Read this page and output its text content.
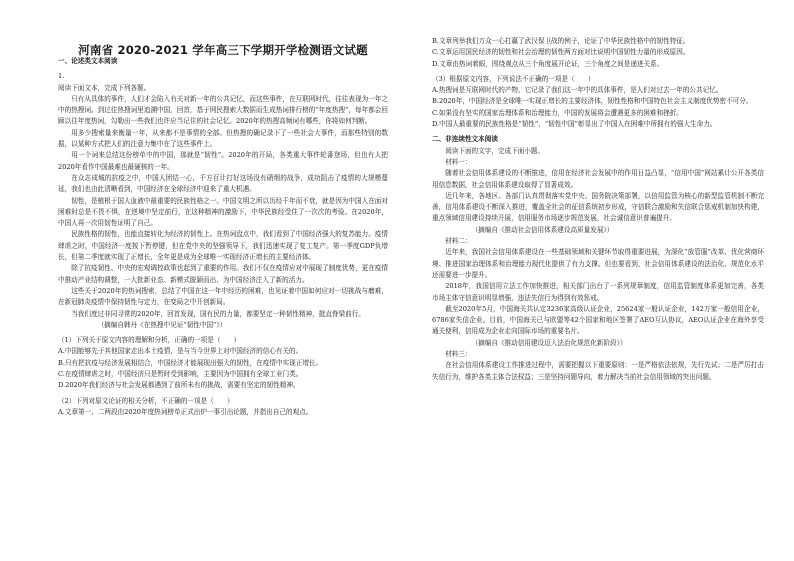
河南省 2020-2021 学年高三下学期开学检测语文试题

一、论述类文本阅读

1.

阅读下面文本，完成下列各题。

只有从具体的事件，人们才会陷入有关对新一年的公共记忆，而这些事件，在互联网时代，往往表现为一年之中的热搜词。到过往热搜词里追溯中国，回首，基于网民搜索大数据而生成热词排行榜的“年度热搜”，每年都会回顾以往年度热词，勾勒出一些我们也许应当记住的社会记忆。2020年的热搜高频词有哪些，你将如何判断。

用多少搜索量来衡量一年，从来都不是事情的全部。但热搜的确记录下了一些社会大事件，而那些特别的数据，以某种方式把人们的注意力集中在了这些事件上。

用一个词来总结这份榜单中的中国，那就是“韧性”。2020年的开局，各类重大事件轮番登场，但也有人把2020年看作中国最难也最硬核的一年。

在众志成城的抗疫之中，中国人团结一心，千方百计打好这场没有硝烟的战争，成功阻击了疫情的大规模蔓延，我们也由此清晰看到，中国经济在全球经济中迎来了重大机遇。

韧性，是植根于国人血液中最重要的民族性格之一。中国文明之所以历经千年而不衰，就是因为中国人在面对困难时总是不畏不惧，在逆境中坚定前行，在这种精神的激励下，中华民族经受住了一次次的考验。在2020年，中国人再一次用韧性证明了自己。

民族性格的韧性，也能直接转化为经济的韧性上。在热词盘点中，我们看到了中国经济强大的复苏能力。疫情肆虐之时，中国经济一度按下暂停键，但在党中央的坚强领导下，我们迅速实现了复工复产。第一季度GDP负增长，但第二季度就实现了正增长，全年更是成为全球唯一实现经济正增长的主要经济体。

除了抗疫韧性、中央的宏观调控政策也起到了重要的作用。我们不仅在疫情应对中展现了制度优势，更在疫情中推动产业结构调整，一大批新业态、新模式脱颖而出，为中国经济注入了新的活力。

这些关于2020年的热词搜索，总结了中国在这一年中经历的困难，也见证着中国如何应对一切挑战与磨难，在新冠肺炎疫情中保持韧性与定力，在变局之中开创新局。

当我们度过非同寻常的2020年，回首发现，国有民的力量，都要坚定一种韧性精神，挺直脊梁前行。

（摘编自韩丹《在热搜中见证“韧性中国”》）

（1）下列关于原文内容的理解和分析，正确的一项是（　　）

A.中国能够先于其他国家走出本土疫情，是与当今世界上对中国经济的信心有关的。

B.只有把抗疫与经济发展相结合，中国经济才能展现出强大的韧性，在疫情中实现正增长。

C.在疫情肆虐之时，中国经济只是暂时受到影响，主要因为中国拥有全球工业门类。

D.2020年我们经济与社会发展都遇到了前所未有的挑战，需要有坚定的韧性精神。

（2）下列对原文论证的相关分析，不正确的一项是（　　）

A.文章第一、二两段由2020年度热词榜单正式出炉一事引出论题，并指出自己的观点。

B.文章列举我们万众一心打赢了武汉保卫战的例子，论证了中华民族性格中的韧性特征。

C.文章运用国民经济的韧性和社会治理的韧性两方面对比说明中国韧性力量的形成原因。

D.文章由热词着眼，围绕观点从三个角度展开论证，三个角度之间是递进关系。

（3）根据原文内容，下列说法不正确的一项是（　　）

A.热搜词是互联网时代的产物，它记录了我们这一年中的具体事件，是人们对过去一年的公共记忆。

B.2020年，中国经济是全球唯一实现正增长的主要经济体，韧性性格和中国特色社会主义制度优势密不可分。

C.如果没有坚实的国家治理体系和治理能力，中国的发展将会遭遇更多的困难和挫折。

D.中国人最重要的民族性格是“韧性”，“韧性中国”彰显出了中国人在困难中所拥有的强大生命力。

二、非连续性文本阅读

阅读下面的文字，完成下面小题。

材料一：

随着社会信用体系建设的不断推进，信用在经济社会发展中的作用日益凸显，“信用中国”网站累计公开各类信用信息数据，社会信用体系建设取得了显著成效。

近几年来，各地区、各部门认真贯彻落实党中央、国务院决策部署，以信用监管为核心的新型监管机制不断完善，信用体系建设不断深入推进，覆盖全社会的征信系统初步形成，守信联合激励和失信联合惩戒机制加快构建，重点领域信用建设持续开展，信用服务市场逐步规范发展，社会诚信意识普遍提升。

（摘编自《推动社会信用体系建设高质量发展》）

材料二：

近年来，我国社会信用体系建设在一些基础领域和关键环节取得重要进展，为深化“放管服”改革、优化营商环境、推进国家治理体系和治理能力现代化提供了有力支撑。但也要看到，社会信用体系建设的法治化、规范化水平还需要进一步提升。

2018年，我国信用立法工作加快推进，相关部门出台了一系列规章制度，信用监管制度体系更加完善，各类市场主体守信意识明显增强，违法失信行为得到有效惩戒。

截至2020年5月，中国海关共认定3236家高级认证企业，25624家一般认证企业，142万家一般信用企业，6786家失信企业。目前，中国海关已与欧盟等42个国家和地区签署了AEO互认协议，AEO认证企业在海外享受通关便利，信用成为企业走向国际市场的重要名片。

（摘编自《推动信用建设迈入法治化规范化新阶段》）

材料三：

在社会信用体系建设工作推进过程中，需要把握以下重要原则：一是严格依法依规，先行先试；二是严厉打击失信行为，维护各类主体合法权益；三是坚持问题导向，着力解决当前社会信用领域的突出问题。
